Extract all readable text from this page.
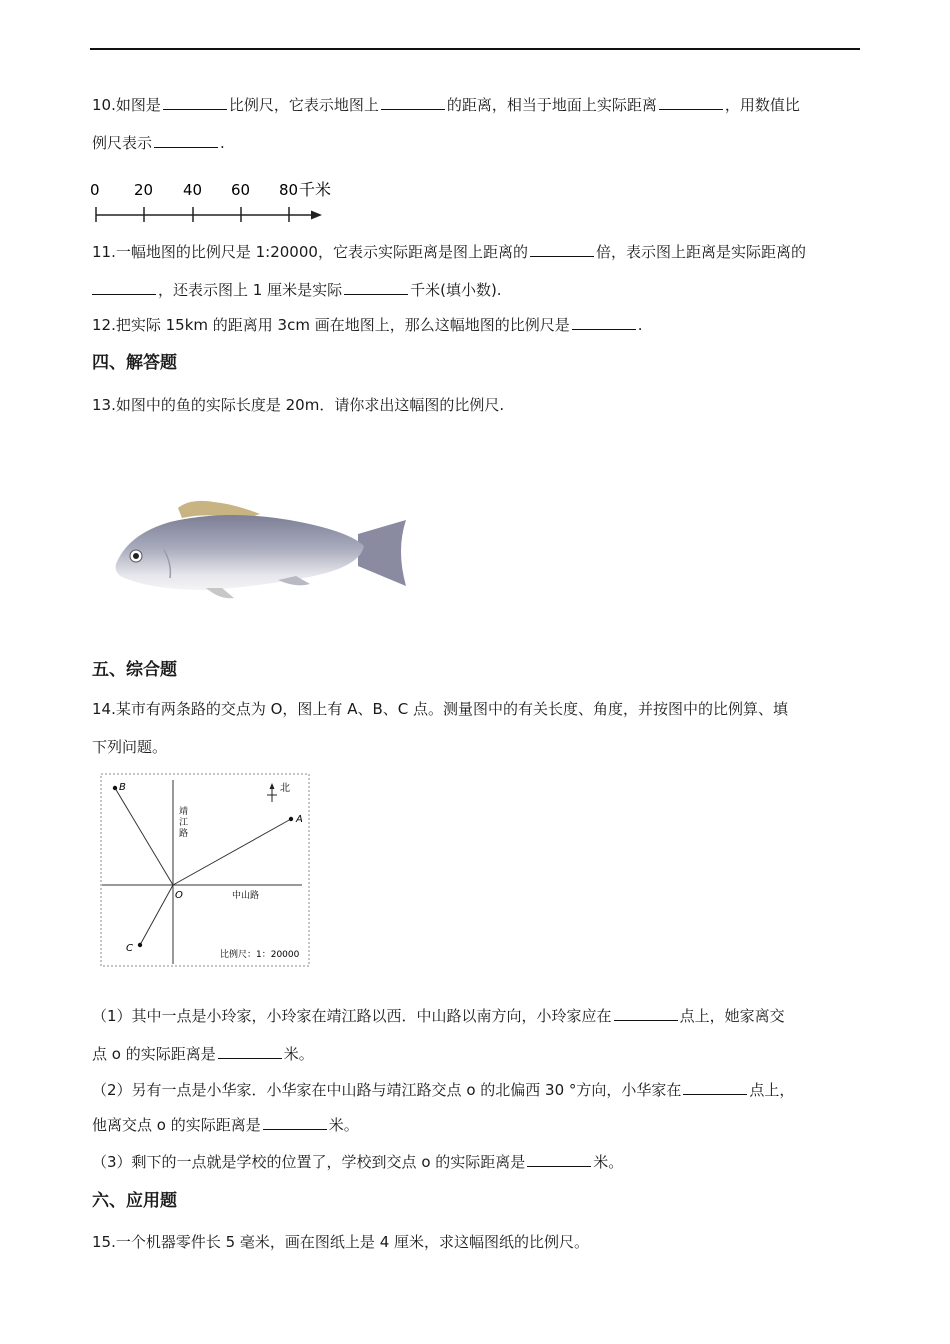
10.如图是	比例尺，它表示地图上	的距离，相当于地面上实际距离	，用数值比
例尺表示	.
0 20 40 60 80 千米
11.一幅地图的比例尺是 1:20000，它表示实际距离是图上距离的	倍，表示图上距离是实际距离的
，还表示图上 1 厘米是实际	千米(填小数).
12.把实际 15km 的距离用 3cm 画在地图上，那么这幅地图的比例尺是	.
四、解答题
13.如图中的鱼的实际长度是 20m．请你求出这幅图的比例尺.
五、综合题
14.某市有两条路的交点为 O，图上有 A、B、C 点。测量图中的有关长度、角度，并按图中的比例算、填
下列问题。
A
B
C
O
靖
江
路
中山路
北
比例尺：1：20000
（1）其中一点是小玲家，小玲家在靖江路以西．中山路以南方向，小玲家应在	点上，她家离交
点 o 的实际距离是	米。
（2）另有一点是小华家．小华家在中山路与靖江路交点 o 的北偏西 30 °方向，小华家在	点上，
他离交点 o 的实际距离是	米。
（3）剩下的一点就是学校的位置了，学校到交点 o 的实际距离是	米。
六、应用题
15.一个机器零件长 5 毫米，画在图纸上是 4 厘米，求这幅图纸的比例尺。
